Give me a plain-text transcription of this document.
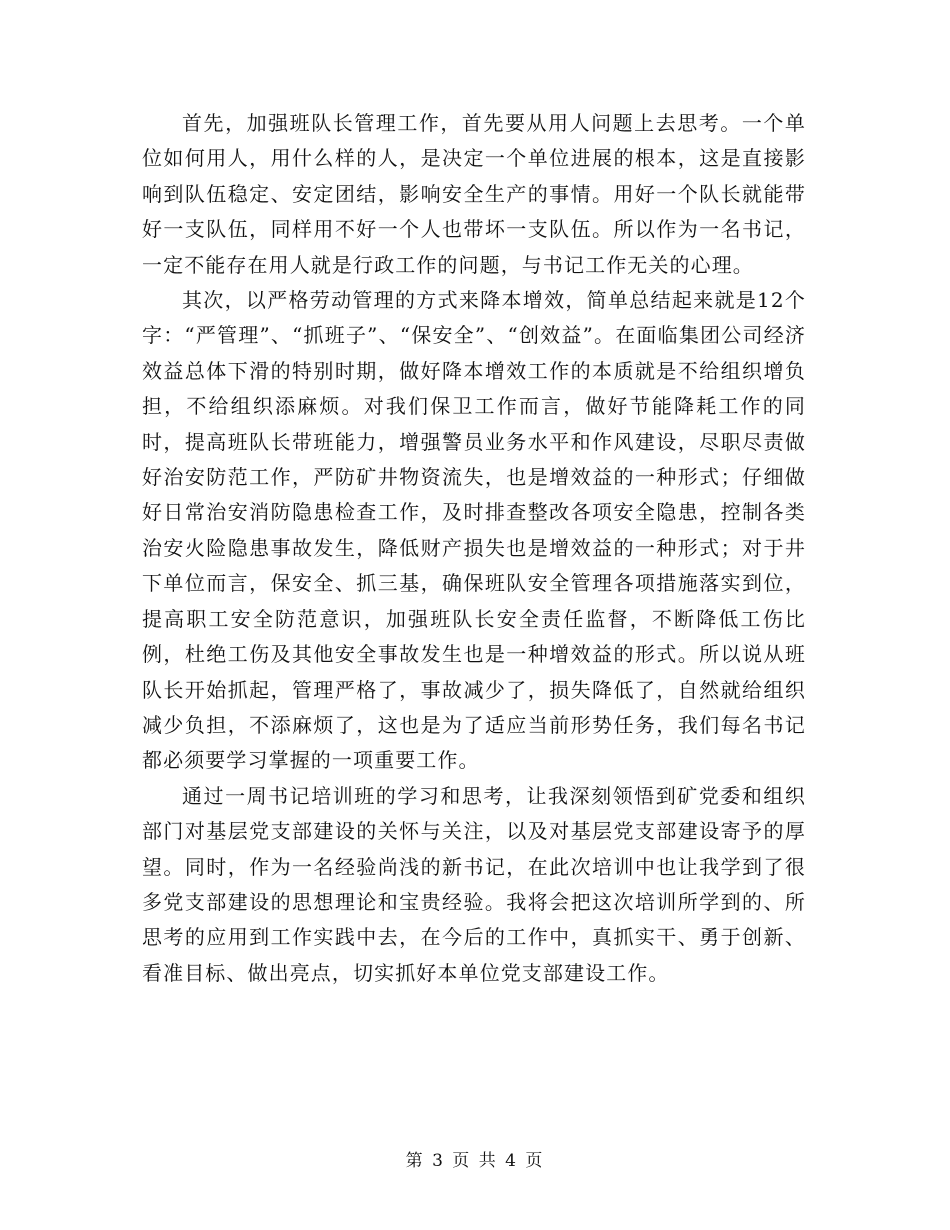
首先，加强班队长管理工作，首先要从用人问题上去思考。一个单位如何用人，用什么样的人，是决定一个单位进展的根本，这是直接影响到队伍稳定、安定团结，影响安全生产的事情。用好一个队长就能带好一支队伍，同样用不好一个人也带坏一支队伍。所以作为一名书记，一定不能存在用人就是行政工作的问题，与书记工作无关的心理。

其次，以严格劳动管理的方式来降本增效，简单总结起来就是12个字：“严管理”、“抓班子”、“保安全”、“创效益”。在面临集团公司经济效益总体下滑的特别时期，做好降本增效工作的本质就是不给组织增负担，不给组织添麻烦。对我们保卫工作而言，做好节能降耗工作的同时，提高班队长带班能力，增强警员业务水平和作风建设，尽职尽责做好治安防范工作，严防矿井物资流失，也是增效益的一种形式；仔细做好日常治安消防隐患检查工作，及时排查整改各项安全隐患，控制各类治安火险隐患事故发生，降低财产损失也是增效益的一种形式；对于井下单位而言，保安全、抓三基，确保班队安全管理各项措施落实到位，提高职工安全防范意识，加强班队长安全责任监督，不断降低工伤比例，杜绝工伤及其他安全事故发生也是一种增效益的形式。所以说从班队长开始抓起，管理严格了，事故减少了，损失降低了，自然就给组织减少负担，不添麻烦了，这也是为了适应当前形势任务，我们每名书记都必须要学习掌握的一项重要工作。

通过一周书记培训班的学习和思考，让我深刻领悟到矿党委和组织部门对基层党支部建设的关怀与关注，以及对基层党支部建设寄予的厚望。同时，作为一名经验尚浅的新书记，在此次培训中也让我学到了很多党支部建设的思想理论和宝贵经验。我将会把这次培训所学到的、所思考的应用到工作实践中去，在今后的工作中，真抓实干、勇于创新、看准目标、做出亮点，切实抓好本单位党支部建设工作。

第 3 页 共 4 页
